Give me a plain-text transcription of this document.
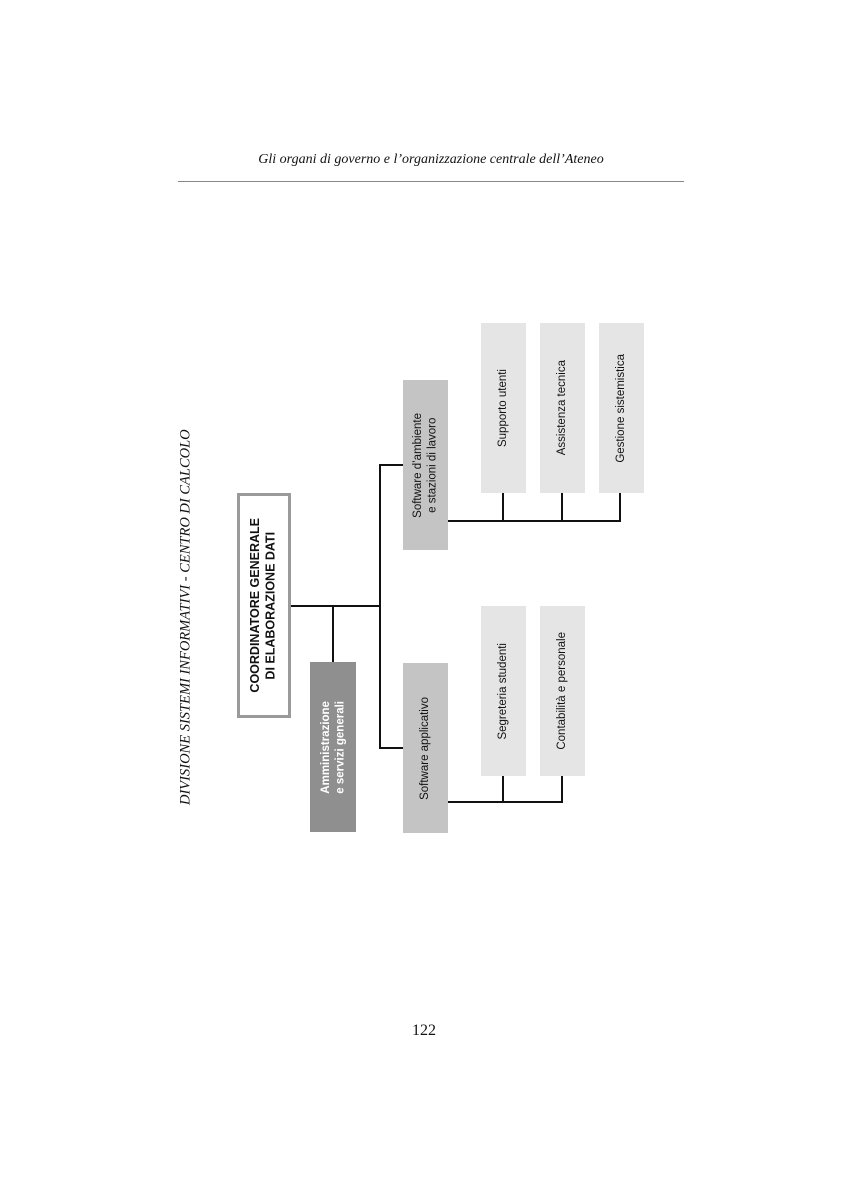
Gli organi di governo e l’organizzazione centrale dell’Ateneo
DIVISIONE SISTEMI INFORMATIVI - CENTRO DI CALCOLO	COORDINATORE GENERALE
DI ELABORAZIONE DATI
Amministrazione
e servizi generali
Software d’ambiente
e stazioni di lavoro
Software applicativo
Supporto utenti	Assistenza tecnica	Gestione sistemistica
Segreteria studenti	Contabilità e personale
122
